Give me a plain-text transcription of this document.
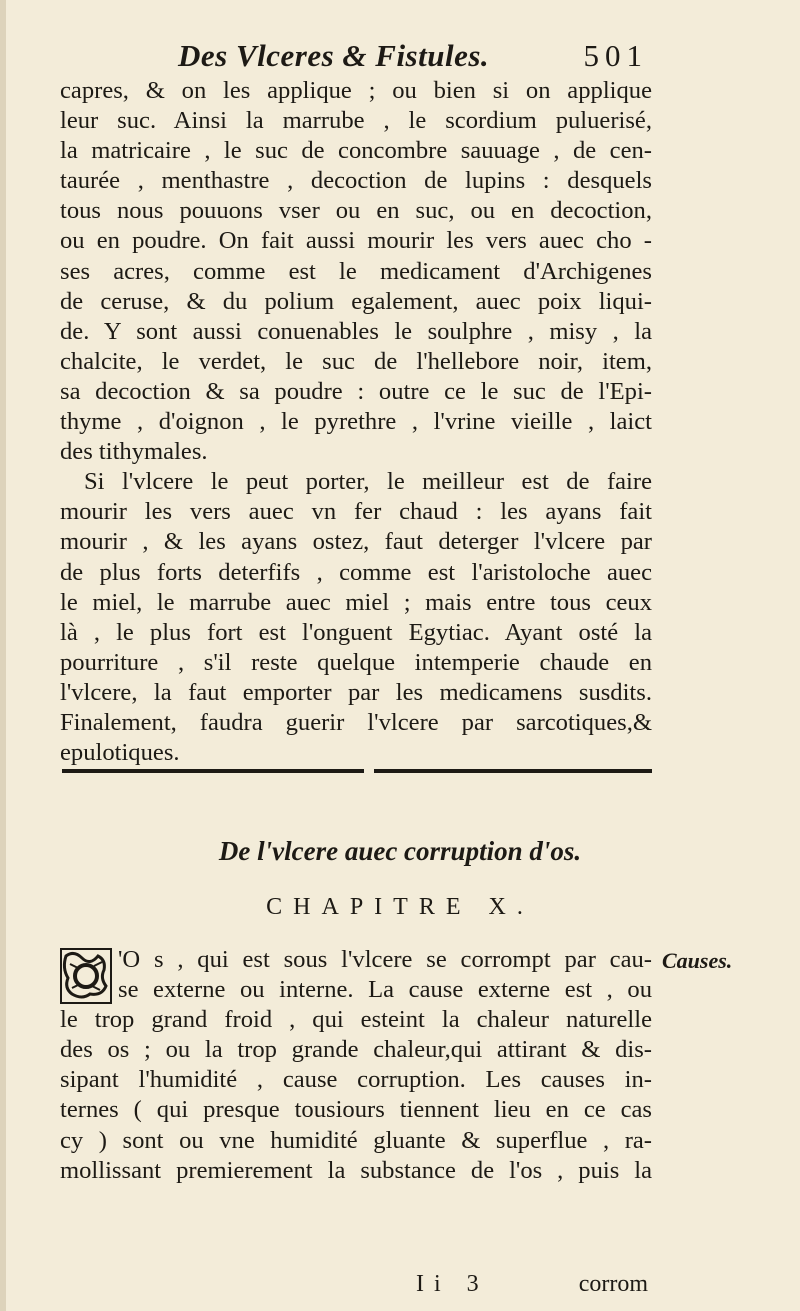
Des Vlceres & Fistules.	501
capres, & on les applique ; ou bien si on applique
leur suc. Ainsi la marrube , le scordium puluerisé,
la matricaire , le suc de concombre sauuage , de cen-
taurée , menthastre , decoction de lupins : desquels
tous nous pouuons vser ou en suc, ou en decoction,
ou en poudre. On fait aussi mourir les vers auec cho -
ses acres, comme est le medicament d'Archigenes
de ceruse, & du polium egalement, auec poix liqui-
de. Y sont aussi conuenables le soulphre , misy , la
chalcite, le verdet, le suc de l'hellebore noir, item,
sa decoction & sa poudre : outre ce le suc de l'Epi-
thyme , d'oignon , le pyrethre , l'vrine vieille , laict
des tithymales.
Si l'vlcere le peut porter, le meilleur est de faire
mourir les vers auec vn fer chaud : les ayans fait
mourir , & les ayans ostez, faut deterger l'vlcere par
de plus forts deterfifs , comme est l'aristoloche auec
le miel, le marrube auec miel ; mais entre tous ceux
là , le plus fort est l'onguent Egytiac. Ayant osté la
pourriture , s'il reste quelque intemperie chaude en
l'vlcere, la faut emporter par les medicamens susdits.
Finalement, faudra guerir l'vlcere par sarcotiques,&
epulotiques.
De l'vlcere auec corruption d'os.
CHAPITRE X.
'O s , qui est sous l'vlcere se corrompt par cau-
se externe ou interne. La cause externe est , ou
le trop grand froid , qui esteint la chaleur naturelle
des os ; ou la trop grande chaleur,qui attirant & dis-
sipant l'humidité , cause corruption. Les causes in-
ternes ( qui presque tousiours tiennent lieu en ce cas
cy ) sont ou vne humidité gluante & superflue , ra-
mollissant premierement la substance de l'os , puis la
Causes.
Ii 3	corrom
